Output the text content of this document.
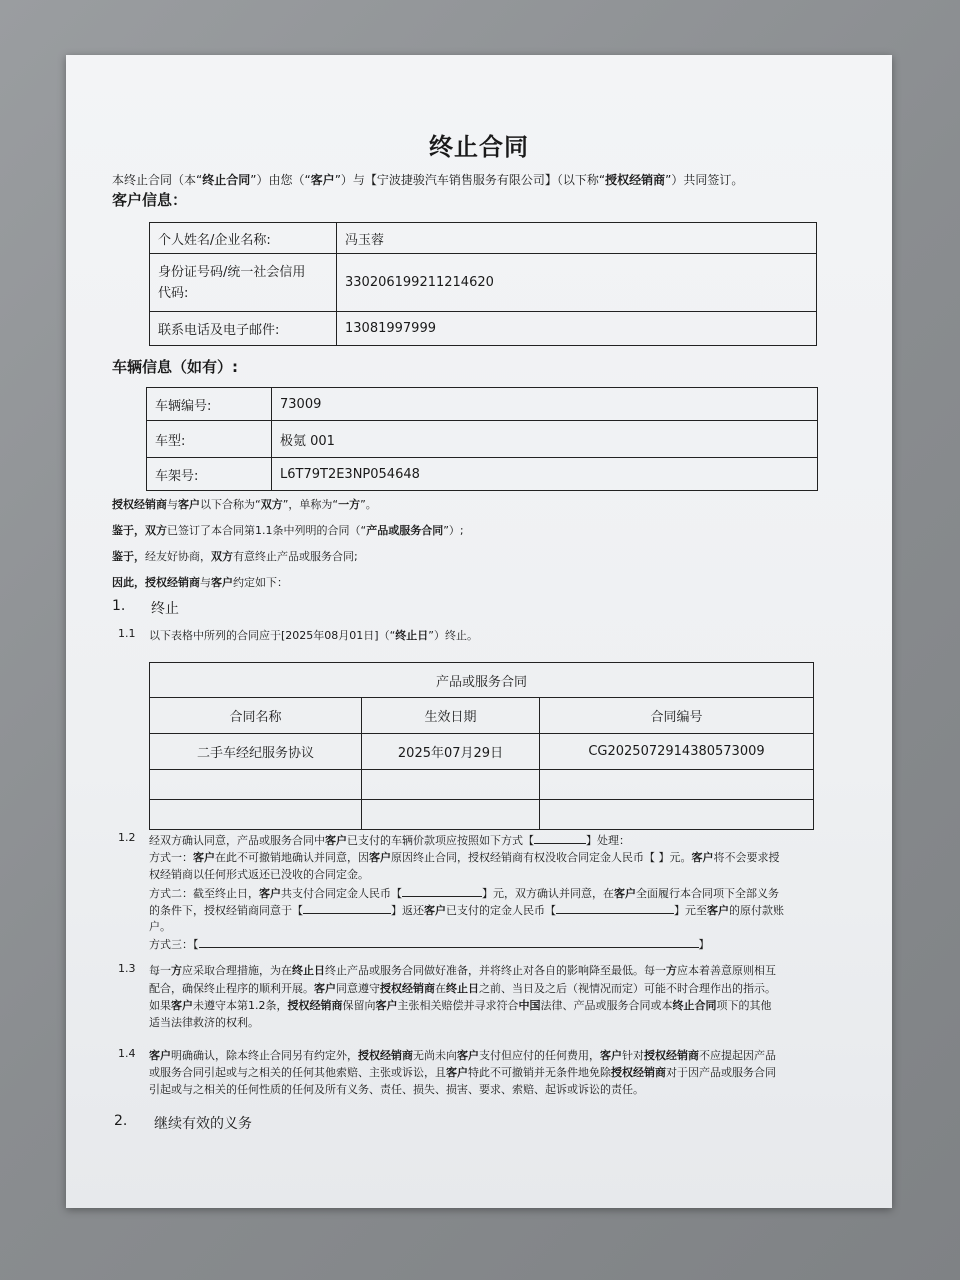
终止合同
本终止合同（本“终止合同”）由您（“客户”）与【宁波捷骏汽车销售服务有限公司】（以下称“授权经销商”）共同签订。
客户信息：
个人姓名/企业名称:	冯玉蓉
身份证号码/统一社会信用
代码:	330206199211214620
联系电话及电子邮件:	13081997999
车辆信息（如有）:
车辆编号:	73009
车型:	极氪 001
车架号:	L6T79T2E3NP054648
授权经销商与客户以下合称为“双方”，单称为“一方”。
鉴于，双方已签订了本合同第1.1条中列明的合同（“产品或服务合同”）;
鉴于，经友好协商，双方有意终止产品或服务合同;
因此，授权经销商与客户约定如下：
1. 终止
1.1 以下表格中所列的合同应于[2025年08月01日]（“终止日”）终止。
产品或服务合同		
合同名称	生效日期	合同编号
二手车经纪服务协议	2025年07月29日	CG2025072914380573009

1.2 经双方确认同意，产品或服务合同中客户已支付的车辆价款项应按照如下方式【	】处理：
方式一：客户在此不可撤销地确认并同意，因客户原因终止合同，授权经销商有权没收合同定金人民币【 】元。客户将不会要求授
权经销商以任何形式返还已没收的合同定金。
方式二：截至终止日，客户共支付合同定金人民币【	】元，双方确认并同意，在客户全面履行本合同项下全部义务
的条件下，授权经销商同意于【	】返还客户已支付的定金人民币【	】元至客户的原付款账
户。
方式三：【	】
1.3 每一方应采取合理措施，为在终止日终止产品或服务合同做好准备，并将终止对各自的影响降至最低。每一方应本着善意原则相互
配合，确保终止程序的顺利开展。客户同意遵守授权经销商在终止日之前、当日及之后（视情况而定）可能不时合理作出的指示。
如果客户未遵守本第1.2条，授权经销商保留向客户主张相关赔偿并寻求符合中国法律、产品或服务合同或本终止合同项下的其他
适当法律救济的权利。
1.4 客户明确确认，除本终止合同另有约定外，授权经销商无尚未向客户支付但应付的任何费用，客户针对授权经销商不应提起因产品
或服务合同引起或与之相关的任何其他索赔、主张或诉讼，且客户特此不可撤销并无条件地免除授权经销商对于因产品或服务合同
引起或与之相关的任何性质的任何及所有义务、责任、损失、损害、要求、索赔、起诉或诉讼的责任。
2. 继续有效的义务
